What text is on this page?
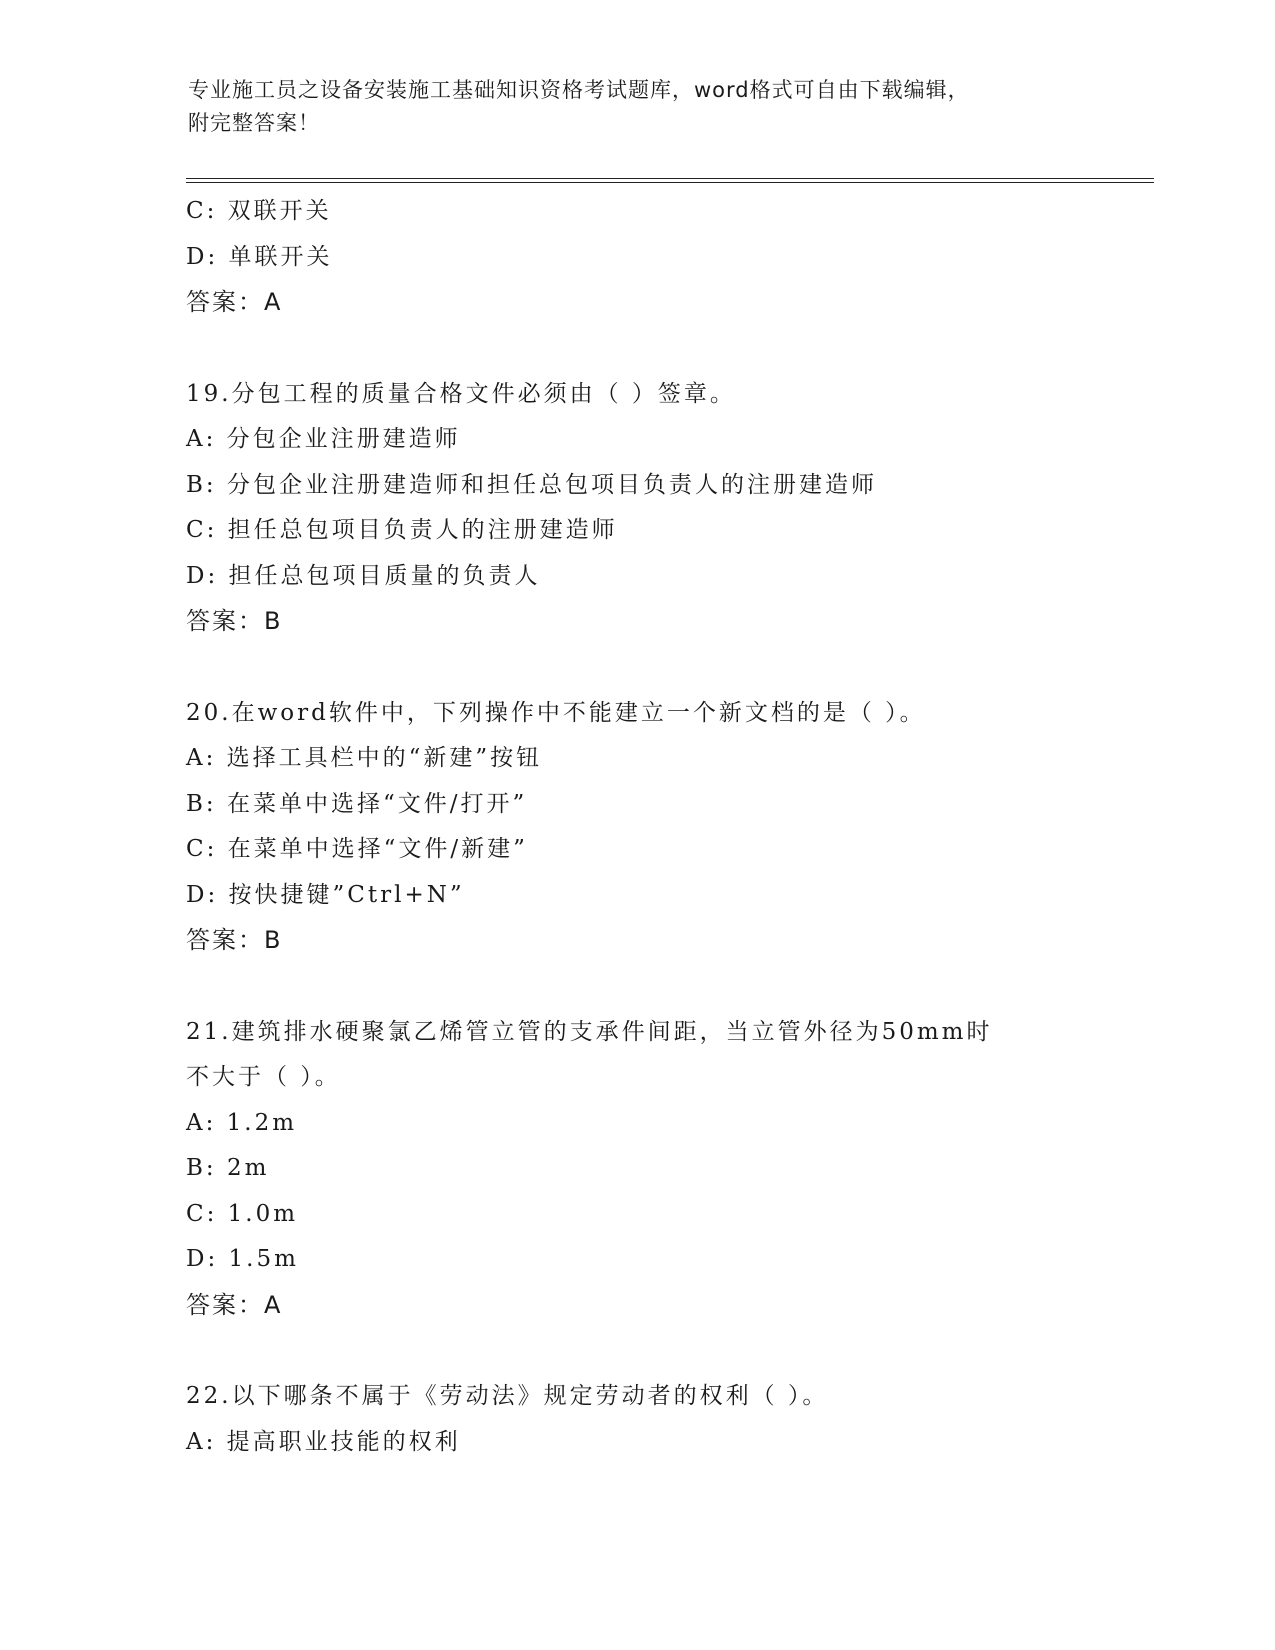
专业施工员之设备安装施工基础知识资格考试题库，word格式可自由下载编辑，
附完整答案！
C: 双联开关
D: 单联开关
答案：A
19.分包工程的质量合格文件必须由（ ）签章。
A: 分包企业注册建造师
B: 分包企业注册建造师和担任总包项目负责人的注册建造师
C: 担任总包项目负责人的注册建造师
D: 担任总包项目质量的负责人
答案：B
20.在word软件中，下列操作中不能建立一个新文档的是（ ）。
A: 选择工具栏中的“新建”按钮
B: 在菜单中选择“文件/打开”
C: 在菜单中选择“文件/新建”
D: 按快捷键”Ctrl+N”
答案：B
21.建筑排水硬聚氯乙烯管立管的支承件间距，当立管外径为50mm时
不大于（ ）。
A: 1.2m
B: 2m
C: 1.0m
D: 1.5m
答案：A
22.以下哪条不属于《劳动法》规定劳动者的权利（ ）。
A: 提高职业技能的权利
